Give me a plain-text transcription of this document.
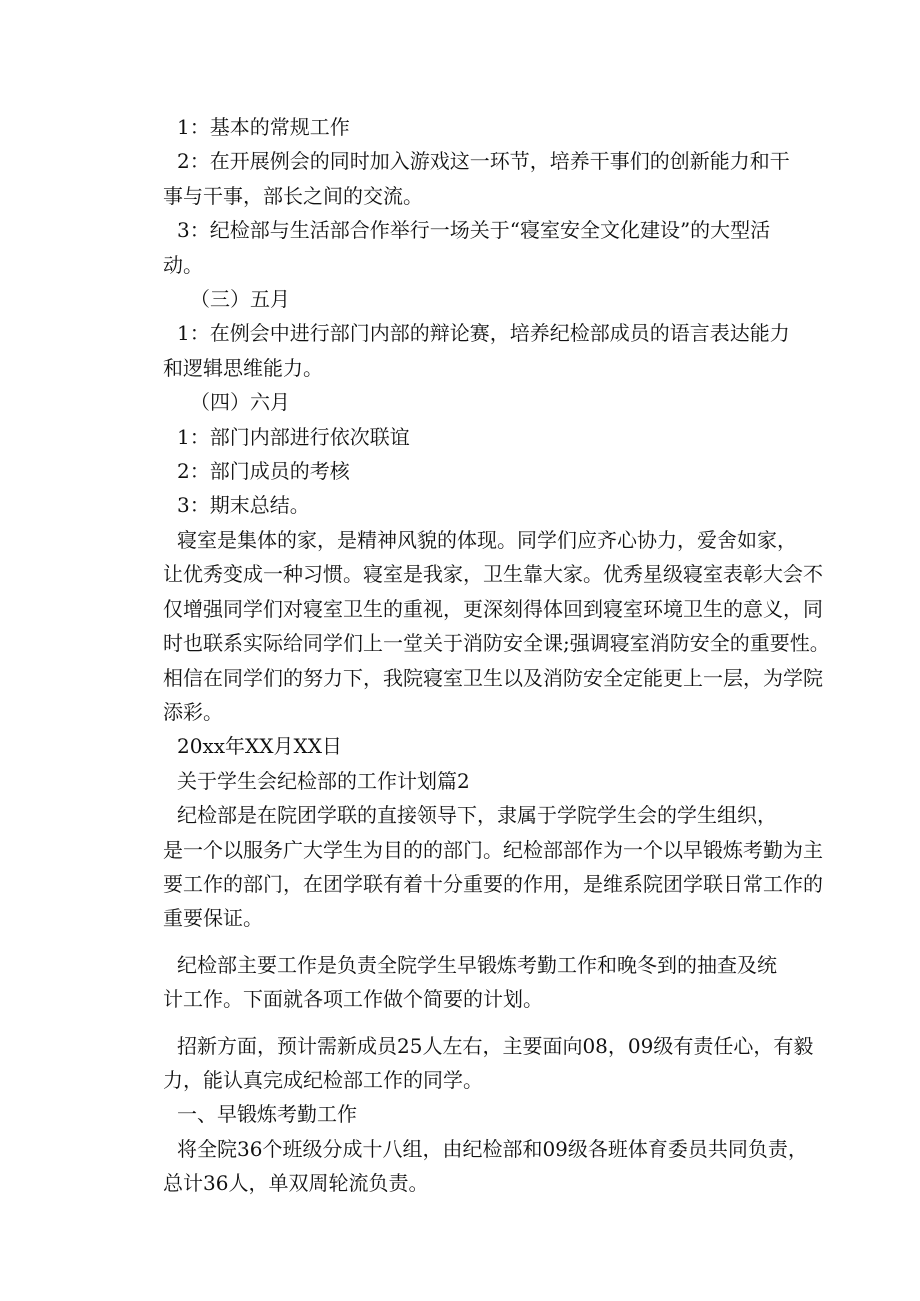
1：基本的常规工作
2：在开展例会的同时加入游戏这一环节，培养干事们的创新能力和干
事与干事，部长之间的交流。
3：纪检部与生活部合作举行一场关于“寝室安全文化建设”的大型活
动。
（三）五月
1：在例会中进行部门内部的辩论赛，培养纪检部成员的语言表达能力
和逻辑思维能力。
（四）六月
1：部门内部进行依次联谊
2：部门成员的考核
3：期末总结。
寝室是集体的家，是精神风貌的体现。同学们应齐心协力，爱舍如家，
让优秀变成一种习惯。寝室是我家，卫生靠大家。优秀星级寝室表彰大会不
仅增强同学们对寝室卫生的重视，更深刻得体回到寝室环境卫生的意义，同
时也联系实际给同学们上一堂关于消防安全课;强调寝室消防安全的重要性。
相信在同学们的努力下，我院寝室卫生以及消防安全定能更上一层，为学院
添彩。
20xx年XX月XX日
关于学生会纪检部的工作计划篇2
纪检部是在院团学联的直接领导下，隶属于学院学生会的学生组织，
是一个以服务广大学生为目的的部门。纪检部部作为一个以早锻炼考勤为主
要工作的部门，在团学联有着十分重要的作用，是维系院团学联日常工作的
重要保证。
纪检部主要工作是负责全院学生早锻炼考勤工作和晚冬到的抽查及统
计工作。下面就各项工作做个简要的计划。
招新方面，预计需新成员25人左右，主要面向08，09级有责任心，有毅
力，能认真完成纪检部工作的同学。
一、早锻炼考勤工作
将全院36个班级分成十八组，由纪检部和09级各班体育委员共同负责，
总计36人，单双周轮流负责。
